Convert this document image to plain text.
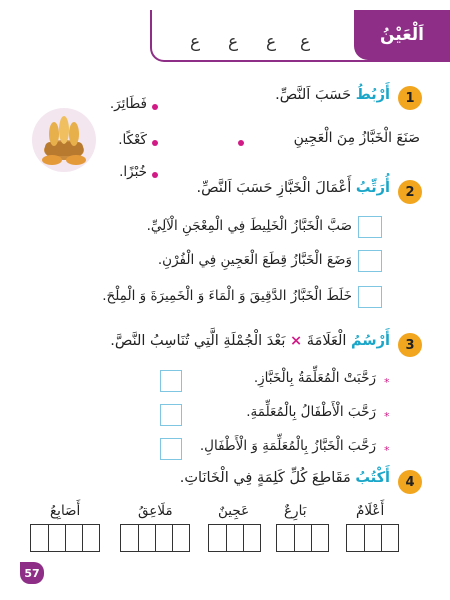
اَلْعَيْنُ
ع
ع
ع
ع
1
أَرْبُطُ حَسَبَ اَلنَّصِّ.
فَطَائِرَ.
كَعْكًا.
خُبْزًا.
صَنَعَ الْخَبَّازُ مِنَ الْعَجِينِ
2
أُرَتِّبُ أَعْمَالَ الْخَبَّازِ حَسَبَ اَلنَّصِّ.
صَبَّ الْخَبَّازُ الْخَلِيطَ فِي الْمِعْجَنِ الْآلِيِّ.
وَضَعَ الْخَبَّازُ قِطَعَ الْعَجِينِ فِي الْفُرْنِ.
خَلَطَ الْخَبَّازُ الدَّقِيقَ وَ الْمَاءَ وَ الْخَمِيرَةَ وَ الْمِلْحَ.
3
أَرْسُمُ الْعَلَامَةَ × بَعْدَ الْجُمْلَةِ الَّتِي تُنَاسِبُ النَّصَّ.
*
رَحَّبَتْ الْمُعَلِّمَةُ بِالْخَبَّازِ.
*
رَحَّبَ الْأَطْفَالُ بِالْمُعَلِّمَةِ.
*
رَحَّبَ الْخَبَّازُ بِالْمُعَلِّمَةِ وَ الْأَطْفَالِ.
4
أَكْتُبُ مَقَاطِعَ كُلِّ كَلِمَةٍ فِي الْخَانَاتِ.
أَعْلَامٌ
بَارِعٌ
عَجِينٌ
مَلَاعِقُ
أَصَابِعُ
57
